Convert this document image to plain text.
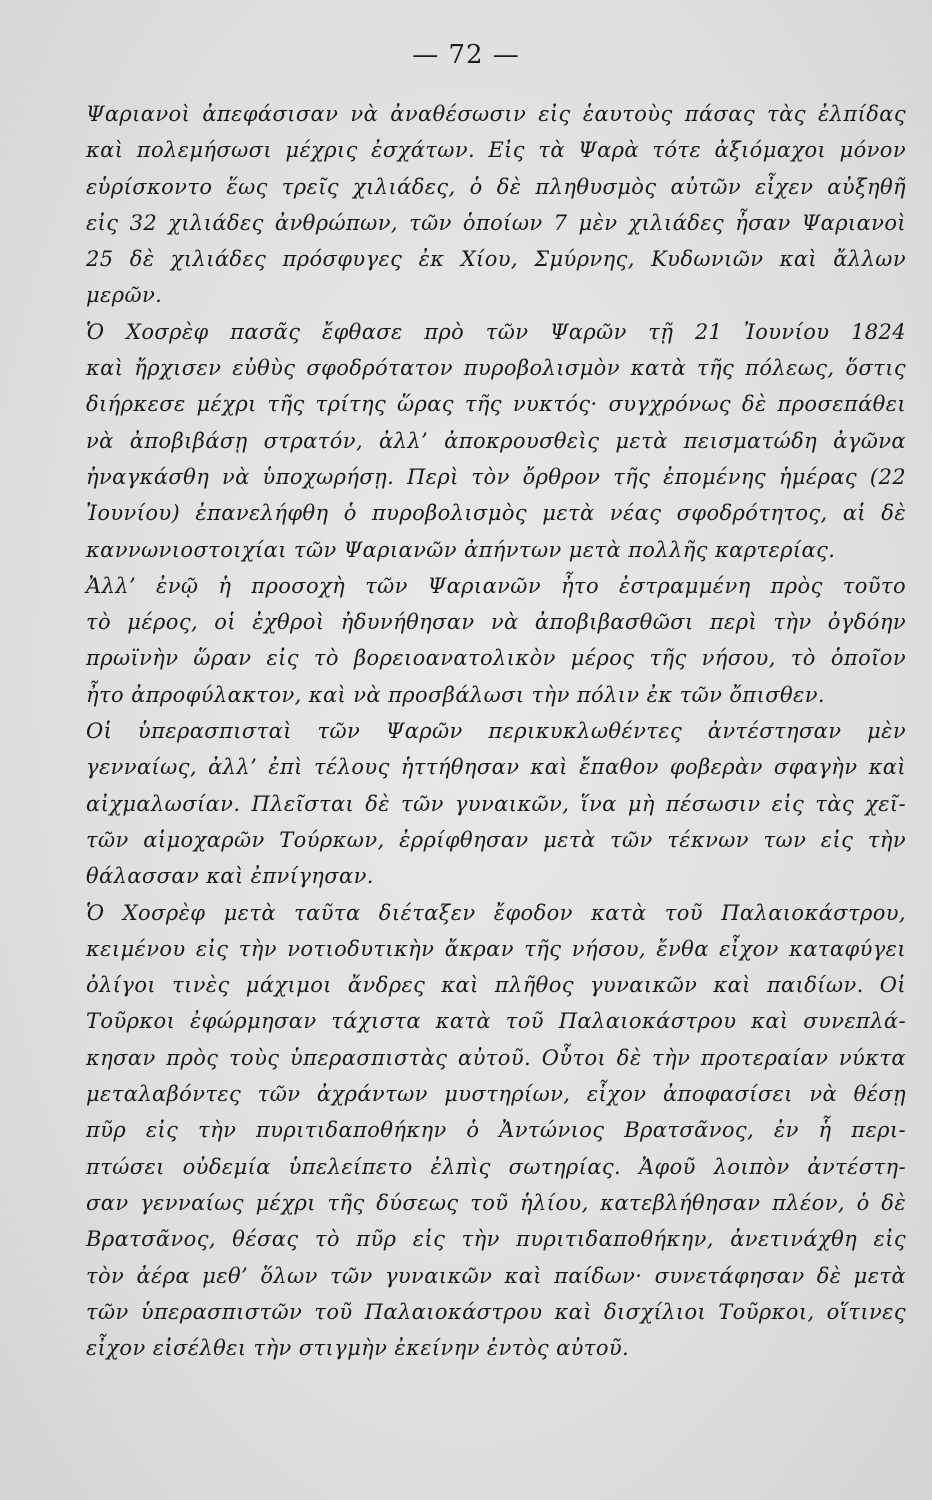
— 72 —
Ψαριανοὶ ἀπεφάσισαν νὰ ἀναθέσωσιν εἰς ἑαυτοὺς πάσας τὰς ἐλπίδας
καὶ πολεμήσωσι μέχρις ἐσχάτων. Εἰς τὰ Ψαρὰ τότε ἀξιόμαχοι μόνον
εὑρίσκοντο ἕως τρεῖς χιλιάδες, ὁ δὲ πληθυσμὸς αὐτῶν εἶχεν αὐξηθῆ
εἰς 32 χιλιάδες ἀνθρώπων, τῶν ὁποίων 7 μὲν χιλιάδες ἦσαν Ψαριανοὶ
25 δὲ χιλιάδες πρόσφυγες ἐκ Χίου, Σμύρνης, Κυδωνιῶν καὶ ἄλλων
μερῶν.
Ὁ Χοσρὲφ πασᾶς ἔφθασε πρὸ τῶν Ψαρῶν τῇ 21 Ἰουνίου 1824
καὶ ἤρχισεν εὐθὺς σφοδρότατον πυροβολισμὸν κατὰ τῆς πόλεως, ὅστις
διήρκεσε μέχρι τῆς τρίτης ὥρας τῆς νυκτός· συγχρόνως δὲ προσεπάθει
νὰ ἀποβιβάσῃ στρατόν, ἀλλ’ ἀποκρουσθεὶς μετὰ πεισματώδη ἀγῶνα
ἠναγκάσθη νὰ ὑποχωρήσῃ. Περὶ τὸν ὄρθρον τῆς ἐπομένης ἡμέρας (22
Ἰουνίου) ἐπανελήφθη ὁ πυροβολισμὸς μετὰ νέας σφοδρότητος, αἱ δὲ
καννωνιοστοιχίαι τῶν Ψαριανῶν ἀπήντων μετὰ πολλῆς καρτερίας.
Ἀλλ’ ἐνῷ ἡ προσοχὴ τῶν Ψαριανῶν ἦτο ἐστραμμένη πρὸς τοῦτο
τὸ μέρος, οἱ ἐχθροὶ ἠδυνήθησαν νὰ ἀποβιβασθῶσι περὶ τὴν ὀγδόην
πρωϊνὴν ὥραν εἰς τὸ βορειοανατολικὸν μέρος τῆς νήσου, τὸ ὁποῖον
ἦτο ἀπροφύλακτον, καὶ νὰ προσβάλωσι τὴν πόλιν ἐκ τῶν ὄπισθεν.
Οἱ ὑπερασπισταὶ τῶν Ψαρῶν περικυκλωθέντες ἀντέστησαν μὲν
γενναίως, ἀλλ’ ἐπὶ τέλους ἡττήθησαν καὶ ἔπαθον φοβερὰν σφαγὴν καὶ
αἰχμαλωσίαν. Πλεῖσται δὲ τῶν γυναικῶν, ἵνα μὴ πέσωσιν εἰς τὰς χεῖ-
τῶν αἱμοχαρῶν Τούρκων, ἐρρίφθησαν μετὰ τῶν τέκνων των εἰς τὴν
θάλασσαν καὶ ἐπνίγησαν.
Ὁ Χοσρὲφ μετὰ ταῦτα διέταξεν ἔφοδον κατὰ τοῦ Παλαιοκάστρου,
κειμένου εἰς τὴν νοτιοδυτικὴν ἄκραν τῆς νήσου, ἔνθα εἶχον καταφύγει
ὀλίγοι τινὲς μάχιμοι ἄνδρες καὶ πλῆθος γυναικῶν καὶ παιδίων. Οἱ
Τοῦρκοι ἐφώρμησαν τάχιστα κατὰ τοῦ Παλαιοκάστρου καὶ συνεπλά-
κησαν πρὸς τοὺς ὑπερασπιστὰς αὐτοῦ. Οὗτοι δὲ τὴν προτεραίαν νύκτα
μεταλαβόντες τῶν ἀχράντων μυστηρίων, εἶχον ἀποφασίσει νὰ θέσῃ
πῦρ εἰς τὴν πυριτιδαποθήκην ὁ Ἀντώνιος Βρατσᾶνος, ἐν ἧ περι-
πτώσει οὐδεμία ὑπελείπετο ἐλπὶς σωτηρίας. Ἀφοῦ λοιπὸν ἀντέστη-
σαν γενναίως μέχρι τῆς δύσεως τοῦ ἡλίου, κατεβλήθησαν πλέον, ὁ δὲ
Βρατσᾶνος, θέσας τὸ πῦρ εἰς τὴν πυριτιδαποθήκην, ἀνετινάχθη εἰς
τὸν ἀέρα μεθ’ ὅλων τῶν γυναικῶν καὶ παίδων· συνετάφησαν δὲ μετὰ
τῶν ὑπερασπιστῶν τοῦ Παλαιοκάστρου καὶ δισχίλιοι Τοῦρκοι, οἵτινες
εἶχον εἰσέλθει τὴν στιγμὴν ἐκείνην ἐντὸς αὐτοῦ.
